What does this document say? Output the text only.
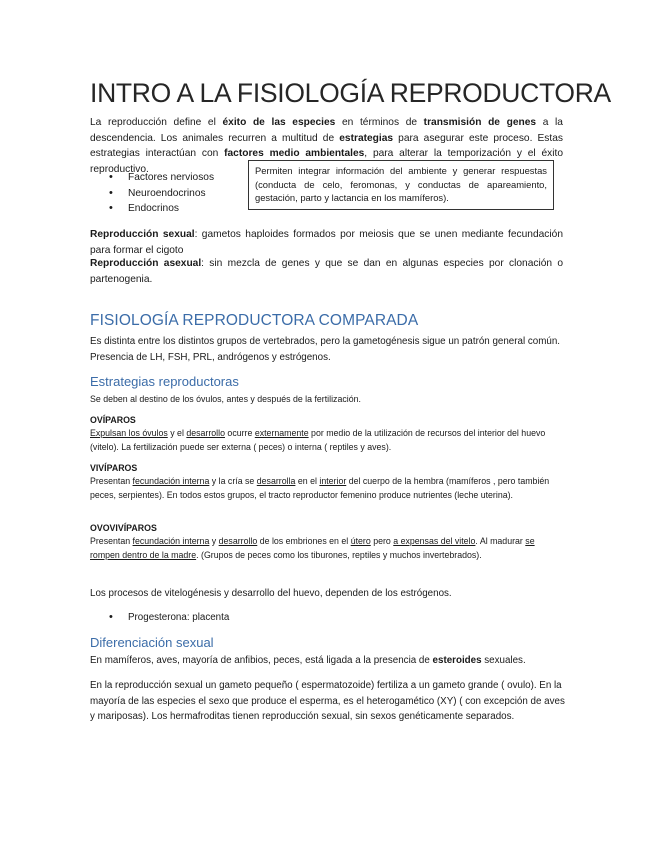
INTRO A LA FISIOLOGÍA REPRODUCTORA
La reproducción define el éxito de las especies en términos de transmisión de genes a la descendencia. Los animales recurren a multitud de estrategias para asegurar este proceso. Estas estrategias interactúan con factores medio ambientales, para alterar la temporización y el éxito reproductivo.
• Factores nerviosos
• Neuroendocrinos
• Endocrinos
Permiten integrar información del ambiente y generar respuestas (conducta de celo, feromonas, y conductas de apareamiento, gestación, parto y lactancia en los mamíferos).
Reproducción sexual: gametos haploides formados por meiosis que se unen mediante fecundación para formar el cigoto
Reproducción asexual: sin mezcla de genes y que se dan en algunas especies por clonación o partenogenia.
FISIOLOGÍA REPRODUCTORA COMPARADA
Es distinta entre los distintos grupos de vertebrados, pero la gametogénesis sigue un patrón general común. Presencia de LH, FSH, PRL, andrógenos y estrógenos.
Estrategias reproductoras
Se deben al destino de los óvulos, antes y después de la fertilización.
OVÍPAROS
Expulsan los óvulos y el desarrollo ocurre externamente por medio de la utilización de recursos del interior del huevo (vitelo). La fertilización puede ser externa ( peces) o interna ( reptiles y aves).
VIVÍPAROS
Presentan fecundación interna y la cría se desarrolla en el interior del cuerpo de la hembra (mamíferos , pero también peces, serpientes). En todos estos grupos, el tracto reproductor femenino produce nutrientes (leche uterina).
OVOVIVÍPAROS
Presentan fecundación interna y desarrollo de los embriones en el útero pero a expensas del vitelo. Al madurar se rompen dentro de la madre. (Grupos de peces como los tiburones, reptiles y muchos invertebrados).
Los procesos de vitelogénesis y desarrollo del huevo, dependen de los estrógenos.
• Progesterona: placenta
Diferenciación sexual
En mamíferos, aves, mayoría de anfibios, peces, está ligada a la presencia de esteroides sexuales.
En la reproducción sexual un gameto pequeño ( espermatozoide) fertiliza a un gameto grande ( ovulo). En la mayoría de las especies el sexo que produce el esperma, es el heterogamético (XY) ( con excepción de aves y mariposas). Los hermafroditas tienen reproducción sexual, sin sexos genéticamente separados.
